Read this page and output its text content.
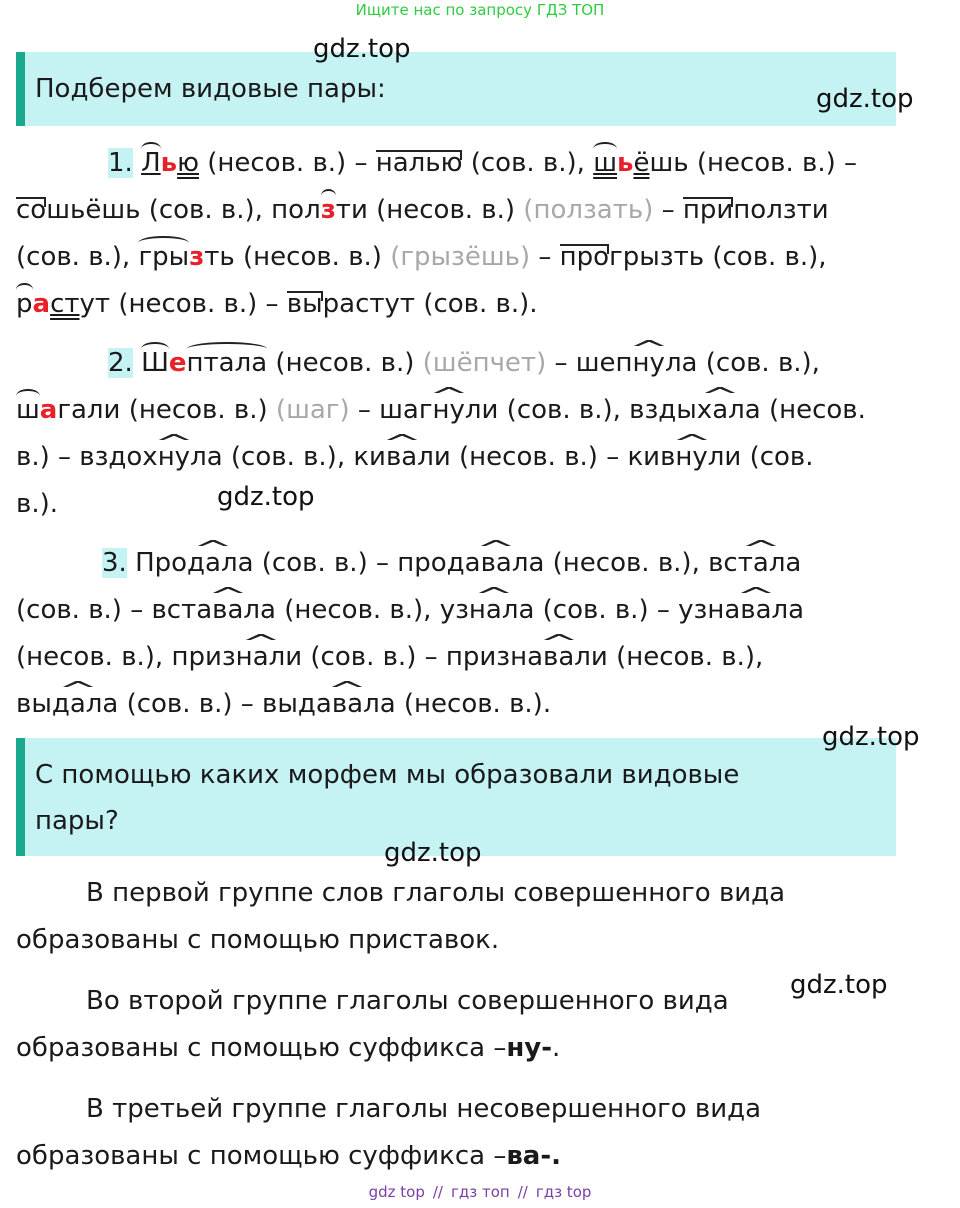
Ищите нас по запросу ГДЗ ТОП
Подберем видовые пары:
gdz.top
gdz.top
1. Лью (несов. в.) – налью (сов. в.), шьёшь (несов. в.) –
сошьёшь (сов. в.), ползти (несов. в.) (ползать) – приползти
(сов. в.), грызть (несов. в.) (грызёшь) – прогрызть (сов. в.),
растут (несов. в.) – вырастут (сов. в.).
2. Шептала (несов. в.) (шёпчет) – шеп^ нула (сов. в.),
шагали (несов. в.) (шаг) – шаг^ нули (сов. в.), вздых^ ала (несов.
в.) – вздох^ нула (сов. в.), ки^ вали (несов. в.) – кив^ нули (сов.
в.).	gdz.top
3. Прод^ ала (сов. в.) – прода^ вала (несов. в.), вст^ ала
(сов. в.) – вста^ вала (несов. в.), узн^ ала (сов. в.) – узна^ вала
(несов. в.), призн^ али (сов. в.) – призна^ вали (несов. в.),
выд^ ала (сов. в.) – выда^ вала (несов. в.).
С помощью каких морфем мы образовали видовые пары?
gdz.top
gdz.top
В первой группе слов глаголы совершенного вида образованы с помощью приставок.
Во второй группе глаголы совершенного вида образованы с помощью суффикса –ну-.
gdz.top
В третьей группе глаголы несовершенного вида образованы с помощью суффикса –ва-.
gdz top // гдз топ // гдз top
